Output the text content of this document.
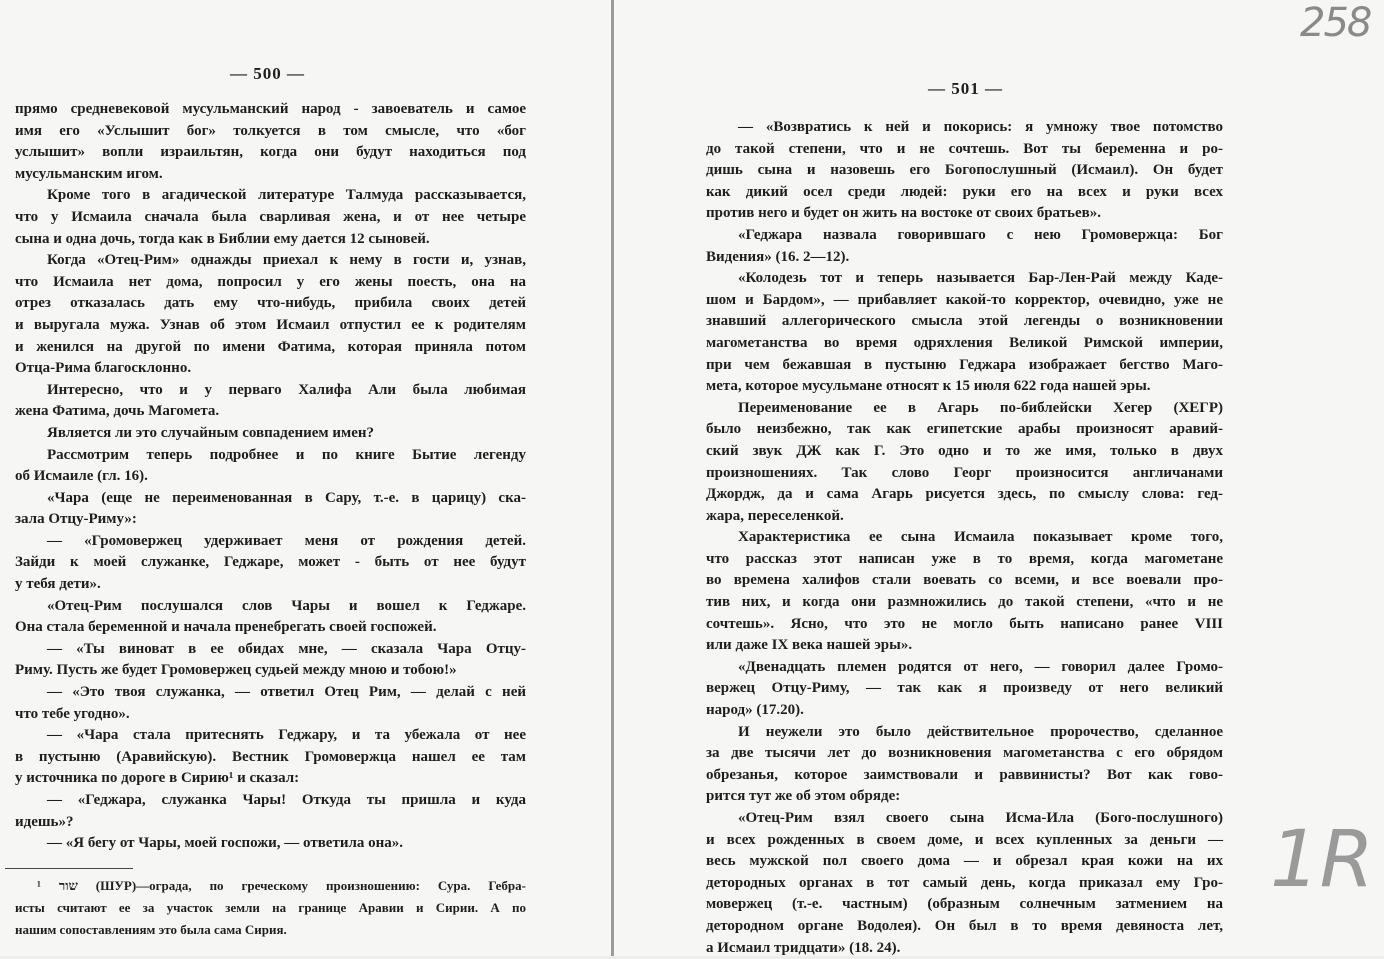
— 500 —
прямо средневековой мусульманский народ - завоеватель и самое
имя его «Услышит бог» толкуется в том смысле, что «бог
услышит» вопли израильтян, когда они будут находиться под
мусульманским игом.
Кроме того в агадической литературе Талмуда рассказывается,
что у Исмаила сначала была сварливая жена, и от нее четыре
сына и одна дочь, тогда как в Библии ему дается 12 сыновей.
Когда «Отец-Рим» однажды приехал к нему в гости и, узнав,
что Исмаила нет дома, попросил у его жены поесть, она на
отрез отказалась дать ему что-нибудь, прибила своих детей
и выругала мужа. Узнав об этом Исмаил отпустил ее к родителям
и женился на другой по имени Фатима, которая приняла потом
Отца-Рима благосклонно.
Интересно, что и у перваго Халифа Али была любимая
жена Фатима, дочь Магомета.
Является ли это случайным совпадением имен?
Рассмотрим теперь подробнее и по книге Бытие легенду
об Исмаиле (гл. 16).
«Чара (еще не переименованная в Сару, т.-е. в царицу) ска-
зала Отцу-Риму»:
— «Громовержец удерживает меня от рождения детей.
Зайди к моей служанке, Геджаре, может - быть от нее будут
у тебя дети».
«Отец-Рим послушался слов Чары и вошел к Геджаре.
Она стала беременной и начала пренебрегать своей госпожей.
— «Ты виноват в ее обидах мне, — сказала Чара Отцу-
Риму. Пусть же будет Громовержец судьей между мною и тобою!»
— «Это твоя служанка, — ответил Отец Рим, — делай с ней
что тебе угодно».
— «Чара стала притеснять Геджару, и та убежала от нее
в пустыню (Аравийскую). Вестник Громовержца нашел ее там
у источника по дороге в Сирию¹ и сказал:
— «Геджара, служанка Чары! Откуда ты пришла и куда
идешь»?
— «Я бегу от Чары, моей госпожи, — ответила она».
¹ שור (ШУР)—ограда, по греческому произношению: Сура. Гебра-
исты считают ее за участок земли на границе Аравии и Сирии. А по
нашим сопоставлениям это была сама Сирия.
— 501 —
— «Возвратись к ней и покорись: я умножу твое потомство
до такой степени, что и не сочтешь. Вот ты беременна и ро-
дишь сына и назовешь его Богопослушный (Исмаил). Он будет
как дикий осел среди людей: руки его на всех и руки всех
против него и будет он жить на востоке от своих братьев».
«Геджара назвала говорившаго с нею Громовержца: Бог
Видения» (16. 2—12).
«Колодезь тот и теперь называется Бар-Лен-Рай между Каде-
шом и Бардом», — прибавляет какой-то корректор, очевидно, уже не
знавший аллегорического смысла этой легенды о возникновении
магометанства во время одряхления Великой Римской империи,
при чем бежавшая в пустыню Геджара изображает бегство Маго-
мета, которое мусульмане относят к 15 июля 622 года нашей эры.
Переименование ее в Агарь по-библейски Хегер (ХЕГР)
было неизбежно, так как египетские арабы произносят аравий-
ский звук ДЖ как Г. Это одно и то же имя, только в двух
произношениях. Так слово Георг произносится англичанами
Джордж, да и сама Агарь рисуется здесь, по смыслу слова: гед-
жара, переселенкой.
Характеристика ее сына Исмаила показывает кроме того,
что рассказ этот написан уже в то время, когда магометане
во времена халифов стали воевать со всеми, и все воевали про-
тив них, и когда они размножились до такой степени, «что и не
сочтешь». Ясно, что это не могло быть написано ранее VIII
или даже IX века нашей эры».
«Двенадцать племен родятся от него, — говорил далее Громо-
вержец Отцу-Риму, — так как я произведу от него великий
народ» (17.20).
И неужели это было действительное пророчество, сделанное
за две тысячи лет до возникновения магометанства с его обрядом
обрезанья, которое заимствовали и раввинисты? Вот как гово-
рится тут же об этом обряде:
«Отец-Рим взял своего сына Исма-Ила (Бого-послушного)
и всех рожденных в своем доме, и всех купленных за деньги —
весь мужской пол своего дома — и обрезал края кожи на их
детородных органах в тот самый день, когда приказал ему Гро-
мовержец (т.-е. частным) (образным солнечным затмением на
детородном органе Водолея). Он был в то время девяноста лет,
а Исмаил тридцати» (18. 24).
258
1R
